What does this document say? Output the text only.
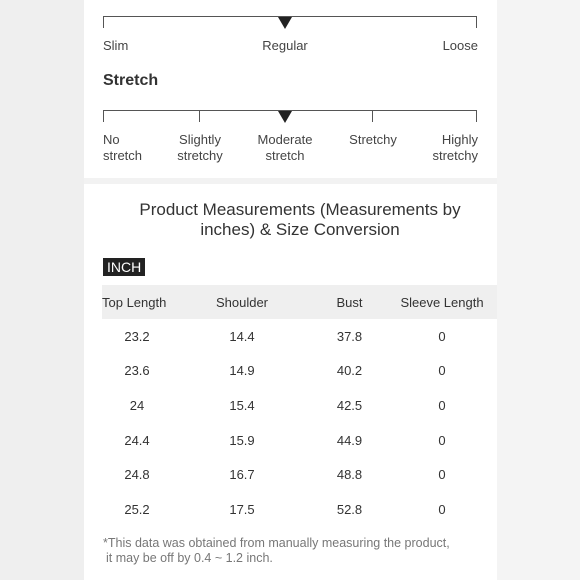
Slim	Regular	Loose
Stretch
No
stretch
Slightly
stretchy
Moderate
stretch
Stretchy	Highly
stretchy
Product Measurements (Measurements by
inches) & Size Conversion
INCH
Top Length	Shoulder	Bust	Sleeve Length
23.2	14.4	37.8	0
23.6	14.9	40.2	0
24	15.4	42.5	0
24.4	15.9	44.9	0
24.8	16.7	48.8	0
25.2	17.5	52.8	0
*This data was obtained from manually measuring the product,
it may be off by 0.4 ~ 1.2 inch.
